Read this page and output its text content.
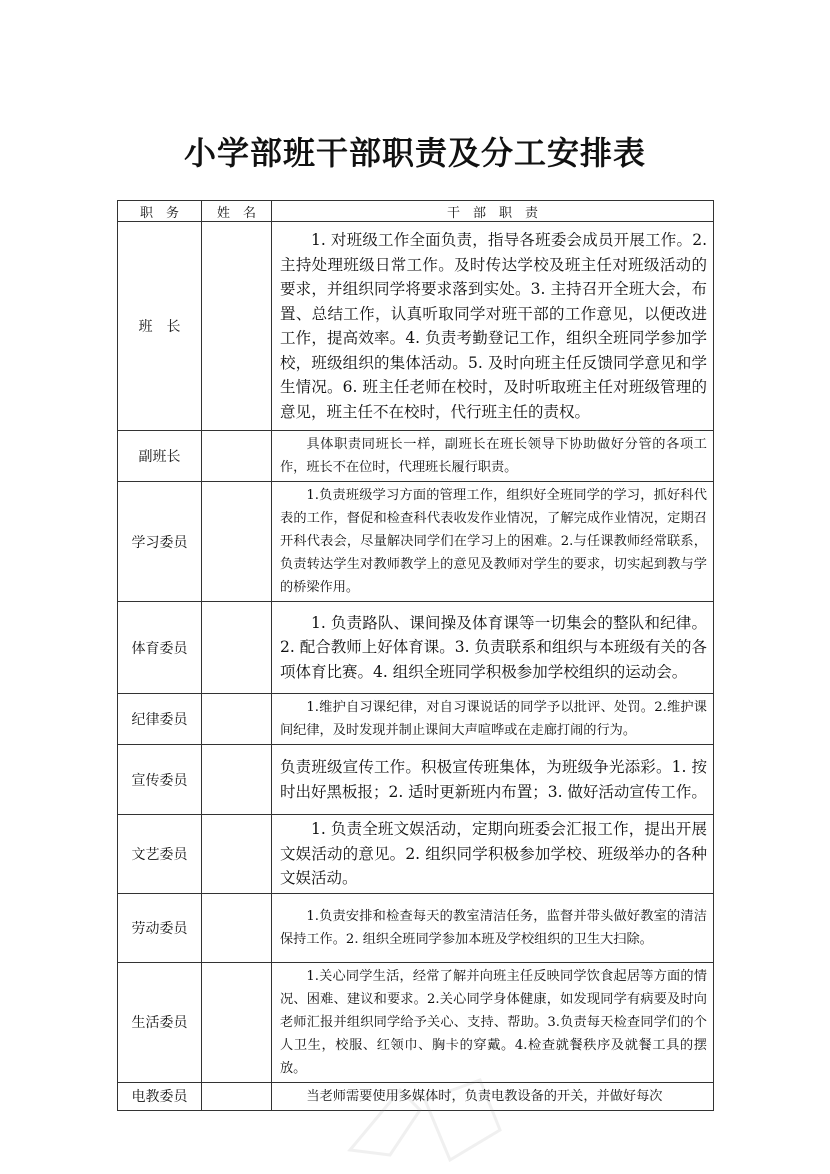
小学部班干部职责及分工安排表
职　务	姓　名	干　部　职　责
班　长		1. 对班级工作全面负责，指导各班委会成员开展工作。2. 主持处理班级日常工作。及时传达学校及班主任对班级活动的要求，并组织同学将要求落到实处。3. 主持召开全班大会，布置、总结工作，认真听取同学对班干部的工作意见，以便改进工作，提高效率。4. 负责考勤登记工作，组织全班同学参加学校，班级组织的集体活动。5. 及时向班主任反馈同学意见和学生情况。6. 班主任老师在校时，及时听取班主任对班级管理的意见，班主任不在校时，代行班主任的责权。
副班长		具体职责同班长一样，副班长在班长领导下协助做好分管的各项工作，班长不在位时，代理班长履行职责。
学习委员		1.负责班级学习方面的管理工作，组织好全班同学的学习，抓好科代表的工作，督促和检查科代表收发作业情况，了解完成作业情况，定期召开科代表会，尽量解决同学们在学习上的困难。2.与任课教师经常联系，负责转达学生对教师教学上的意见及教师对学生的要求，切实起到教与学的桥梁作用。
体育委员		1. 负责路队、课间操及体育课等一切集会的整队和纪律。2. 配合教师上好体育课。3. 负责联系和组织与本班级有关的各项体育比赛。4. 组织全班同学积极参加学校组织的运动会。
纪律委员		1.维护自习课纪律，对自习课说话的同学予以批评、处罚。2.维护课间纪律，及时发现并制止课间大声喧哗或在走廊打闹的行为。
宣传委员		负责班级宣传工作。积极宣传班集体，为班级争光添彩。1. 按时出好黑板报；2. 适时更新班内布置；3. 做好活动宣传工作。
文艺委员		1. 负责全班文娱活动，定期向班委会汇报工作，提出开展文娱活动的意见。2. 组织同学积极参加学校、班级举办的各种文娱活动。
劳动委员		1.负责安排和检查每天的教室清洁任务，监督并带头做好教室的清洁保持工作。2. 组织全班同学参加本班及学校组织的卫生大扫除。
生活委员		1.关心同学生活，经常了解并向班主任反映同学饮食起居等方面的情况、困难、建议和要求。2.关心同学身体健康，如发现同学有病要及时向老师汇报并组织同学给予关心、支持、帮助。3.负责每天检查同学们的个人卫生，校服、红领巾、胸卡的穿戴。4.检查就餐秩序及就餐工具的摆放。
电教委员		当老师需要使用多媒体时，负责电教设备的开关，并做好每次
